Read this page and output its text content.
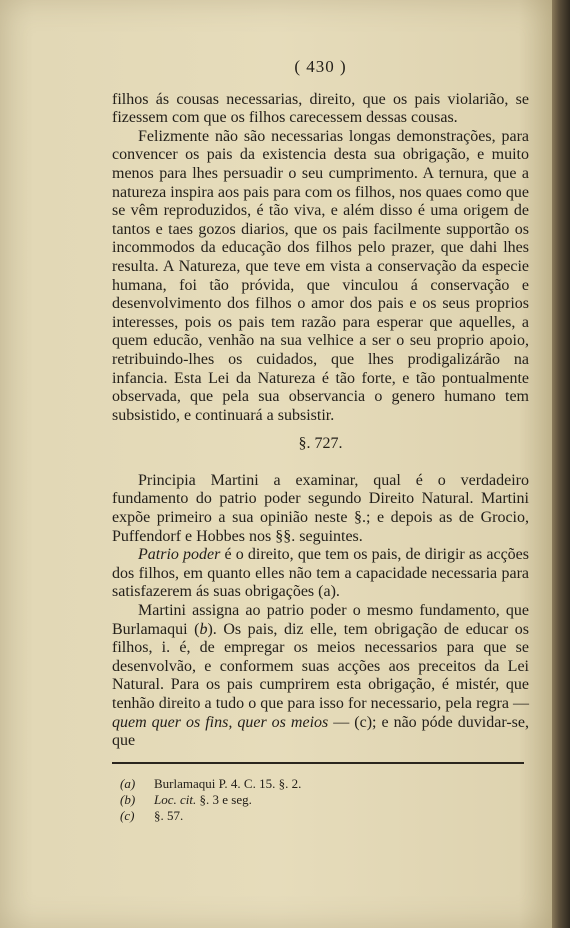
( 430 )

filhos ás cousas necessarias, direito, que os pais violarião, se fizessem com que os filhos carecessem dessas cousas.

Felizmente não são necessarias longas demonstrações, para convencer os pais da existencia desta sua obrigação, e muito menos para lhes persuadir o seu cumprimento. A ternura, que a natureza inspira aos pais para com os filhos, nos quaes como que se vêm reproduzidos, é tão viva, e além disso é uma origem de tantos e taes gozos diarios, que os pais facilmente supportão os incommodos da educação dos filhos pelo prazer, que dahi lhes resulta. A Natureza, que teve em vista a conservação da especie humana, foi tão próvida, que vinculou á conservação e desenvolvimento dos filhos o amor dos pais e os seus proprios interesses, pois os pais tem razão para esperar que aquelles, a quem educão, venhão na sua velhice a ser o seu proprio apoio, retribuindo-lhes os cuidados, que lhes prodigalizárão na infancia. Esta Lei da Natureza é tão forte, e tão pontualmente observada, que pela sua observancia o genero humano tem subsistido, e continuará a subsistir.

§. 727.

Principia Martini a examinar, qual é o verdadeiro fundamento do patrio poder segundo Direito Natural. Martini expõe primeiro a sua opinião neste §.; e depois as de Grocio, Puffendorf e Hobbes nos §§. seguintes.

Patrio poder é o direito, que tem os pais, de dirigir as acções dos filhos, em quanto elles não tem a capacidade necessaria para satisfazerem ás suas obrigações (a).

Martini assigna ao patrio poder o mesmo fundamento, que Burlamaqui (b). Os pais, diz elle, tem obrigação de educar os filhos, i. é, de empregar os meios necessarios para que se desenvolvão, e conformem suas acções aos preceitos da Lei Natural. Para os pais cumprirem esta obrigação, é mistér, que tenhão direito a tudo o que para isso for necessario, pela regra — quem quer os fins, quer os meios — (c); e não póde duvidar-se, que

(a)	Burlamaqui P. 4. C. 15. §. 2.
(b)	Loc. cit. §. 3 e seg.
(c)	§. 57.
